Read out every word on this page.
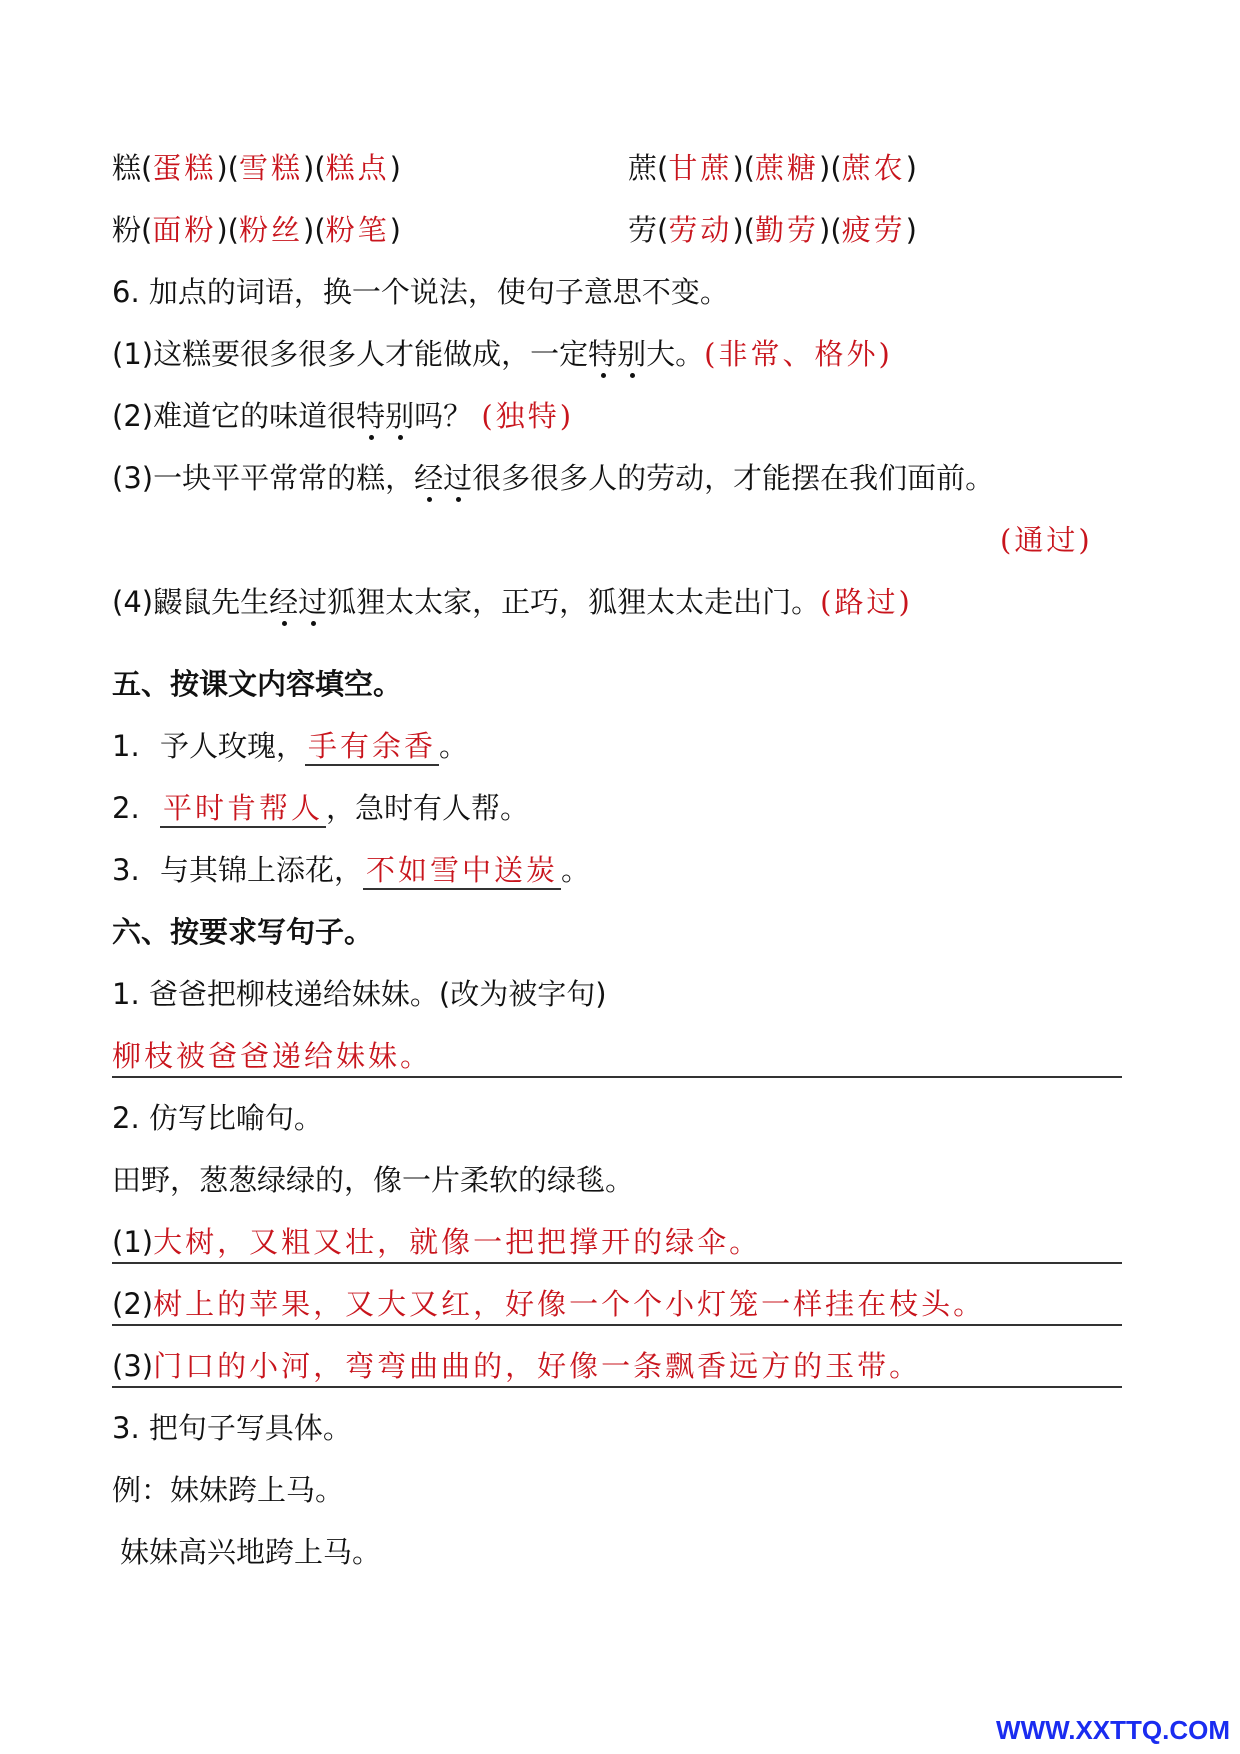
糕(蛋糕)(雪糕)(糕点)	蔗(甘蔗)(蔗糖)(蔗农)
粉(面粉)(粉丝)(粉笔)	劳(劳动)(勤劳)(疲劳)
6. 加点的词语，换一个说法，使句子意思不变。
(1)这糕要很多很多人才能做成，一定特别大。(非常、格外)
(2)难道它的味道很特别吗？ (独特)
(3)一块平平常常的糕，经过很多很多人的劳动，才能摆在我们面前。
(通过)
(4)鼹鼠先生经过狐狸太太家，正巧，狐狸太太走出门。(路过)
五、按课文内容填空。
1. 予人玫瑰， 手有余香 。
2. 平时肯帮人 ，急时有人帮。
3. 与其锦上添花， 不如雪中送炭 。
六、按要求写句子。
1. 爸爸把柳枝递给妹妹。(改为被字句)
柳枝被爸爸递给妹妹。
2. 仿写比喻句。
田野，葱葱绿绿的，像一片柔软的绿毯。
(1)大树，又粗又壮，就像一把把撑开的绿伞。
(2)树上的苹果，又大又红，好像一个个小灯笼一样挂在枝头。
(3)门口的小河，弯弯曲曲的，好像一条飘香远方的玉带。
3. 把句子写具体。
例：妹妹跨上马。
妹妹高兴地跨上马。
WWW.XXTTQ.COM
